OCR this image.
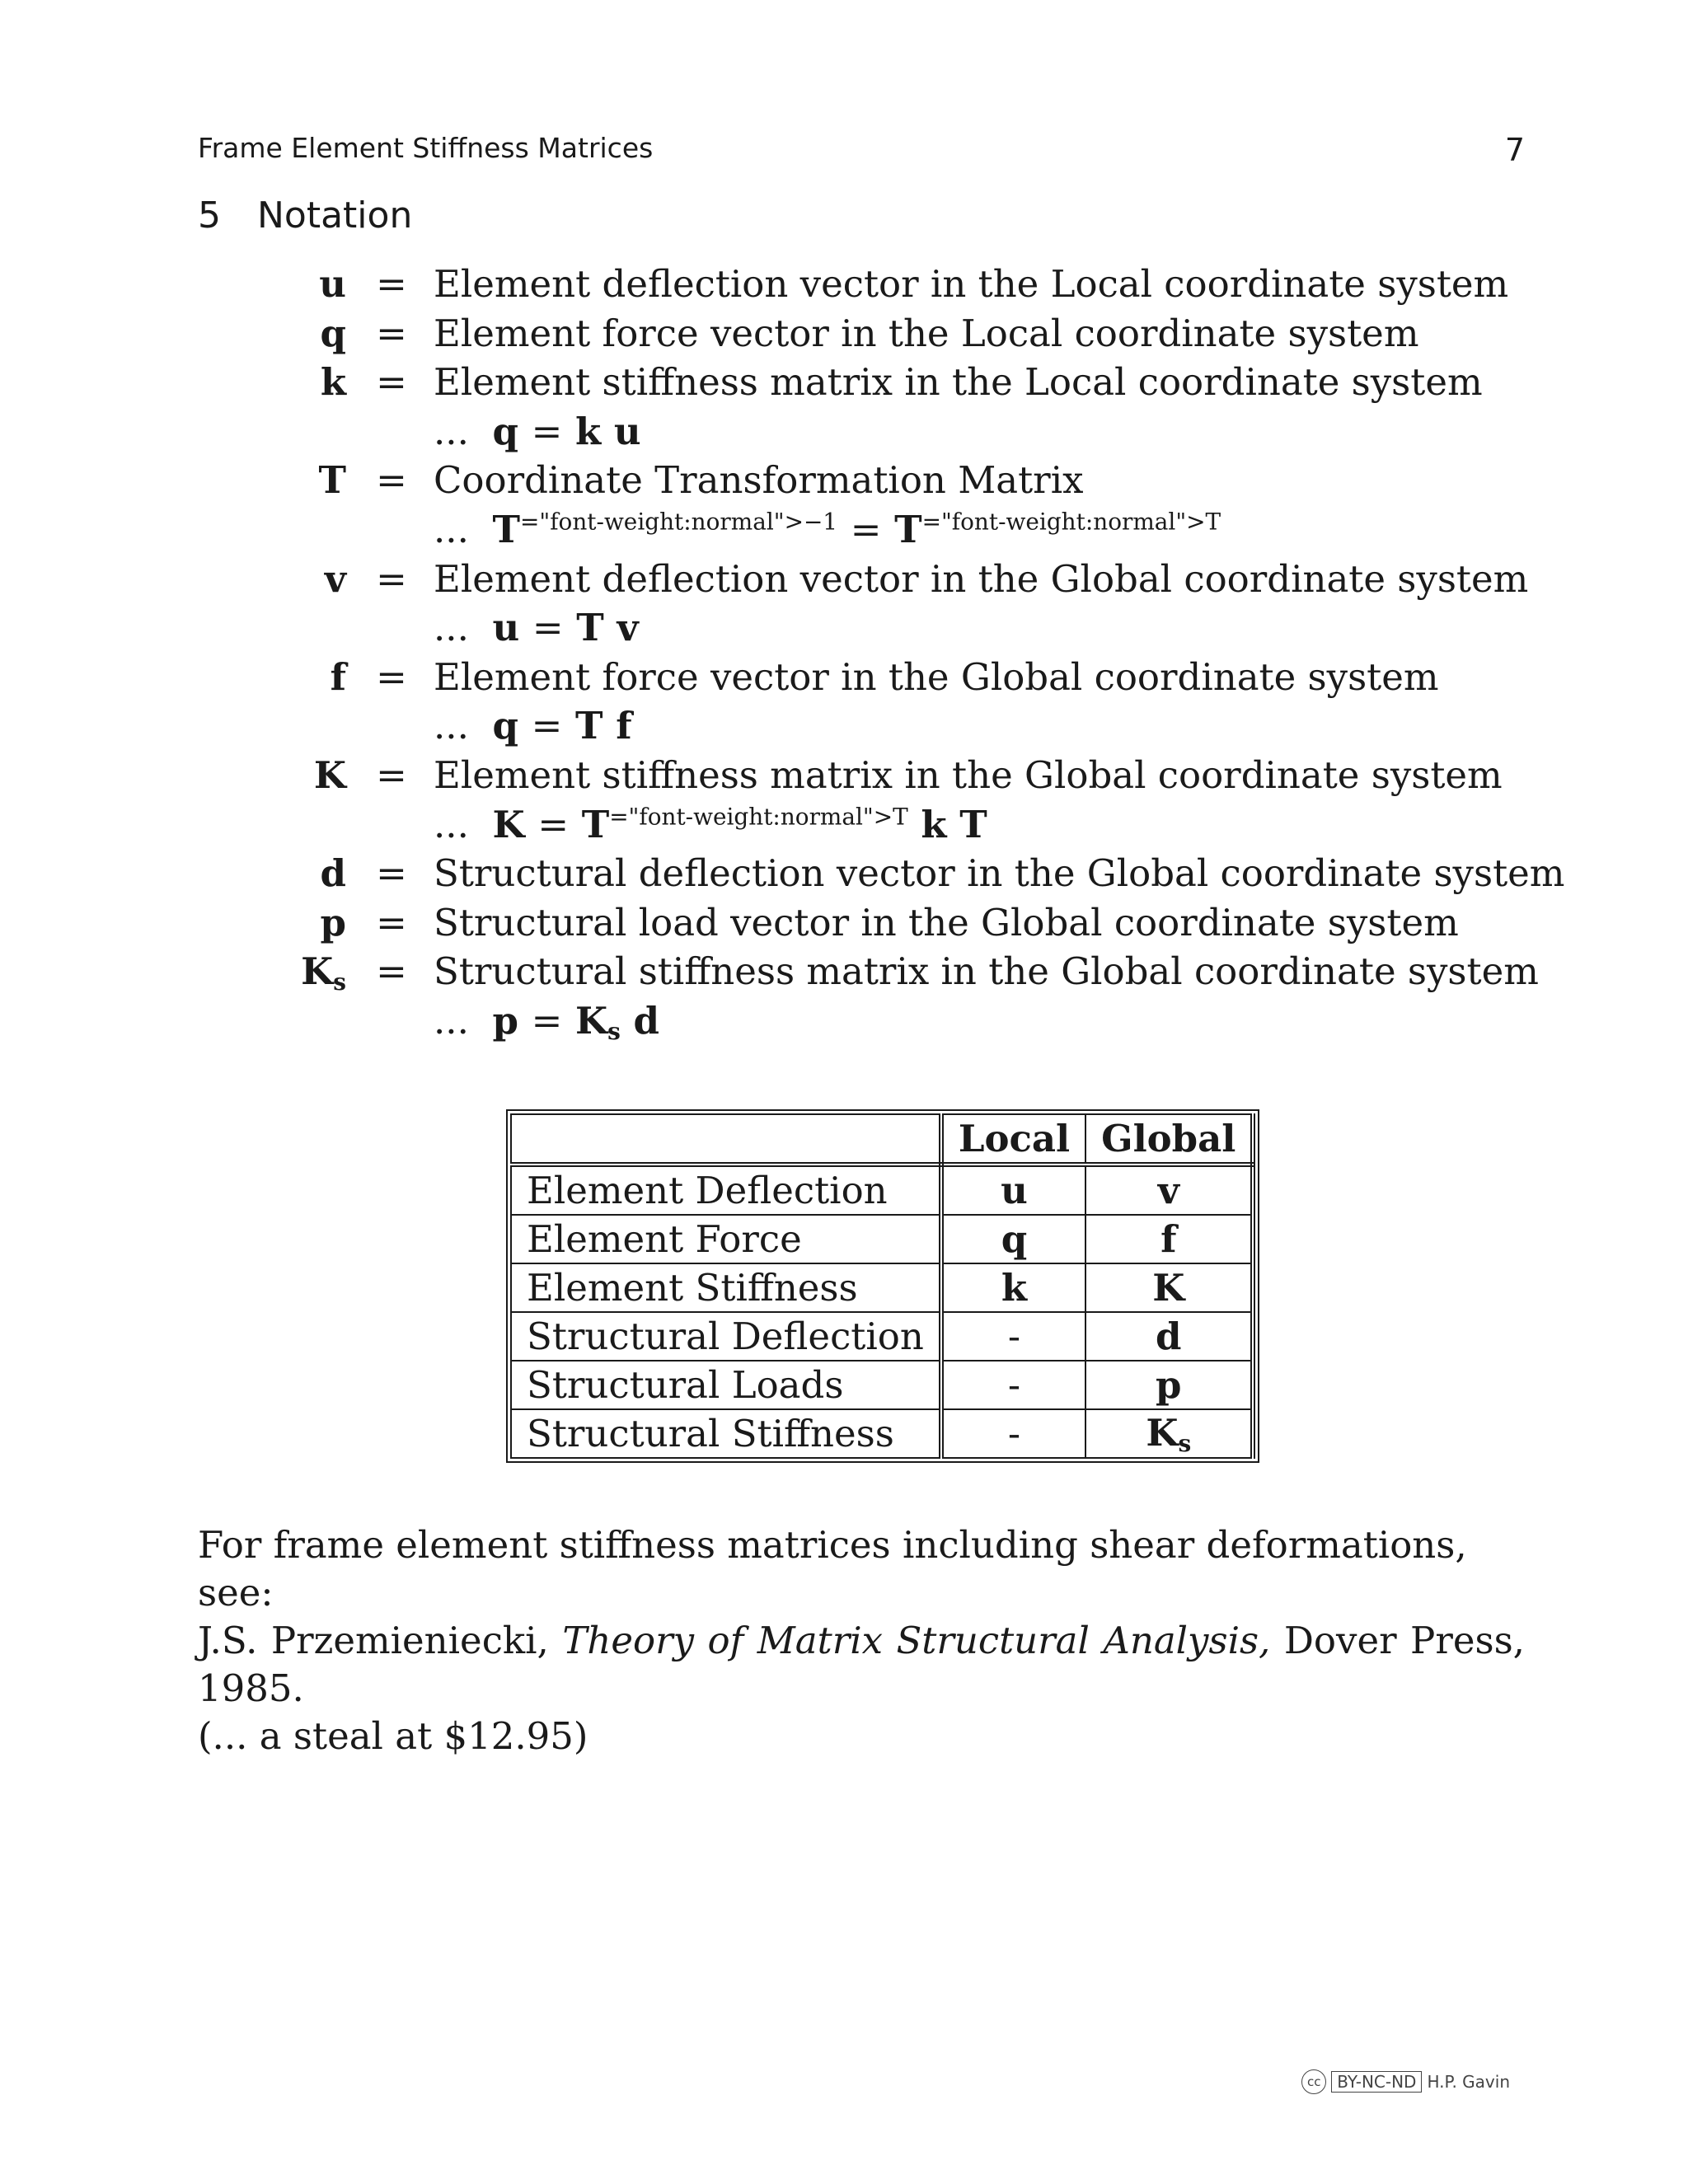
Frame Element Stiffness Matrices	7
5 Notation
u = Element deflection vector in the Local coordinate system
q = Element force vector in the Local coordinate system
k = Element stiffness matrix in the Local coordinate system
...  q = k u
T = Coordinate Transformation Matrix
...  $T^{="font-weight:normal">-1} = T^{="font-weight:normal">T}$
v = Element deflection vector in the Global coordinate system
...  u = T v
f = Element force vector in the Global coordinate system
...  q = T f
K = Element stiffness matrix in the Global coordinate system
...  $K = T^{="font-weight:normal">T}$ k T
d = Structural deflection vector in the Global coordinate system
p = Structural load vector in the Global coordinate system
$K_s$ = Structural stiffness matrix in the Global coordinate system
...  $p = K_s$ d
	Local	Global
Element Deflection	u	v
Element Force	q	f
Element Stiffness	k	K
Structural Deflection	-	d
Structural Loads	-	p
Structural Stiffness	-	$K_s$

For frame element stiffness matrices including shear deformations, see:

J.S. Przemieniecki, Theory of Matrix Structural Analysis, Dover Press, 1985.

(... a steal at $12.95)

cc BY-NC-ND H.P. Gavin
